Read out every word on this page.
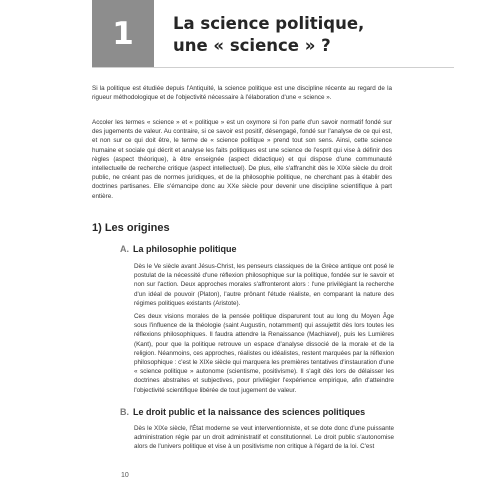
1 La science politique,
une « science » ?

Si la politique est étudiée depuis l'Antiquité, la science politique est une discipline récente au regard de la rigueur méthodologique et de l'objectivité nécessaire à l'élaboration d'une « science ».

Accoler les termes « science » et « politique » est un oxymore si l'on parle d'un savoir normatif fondé sur des jugements de valeur. Au contraire, si ce savoir est positif, désengagé, fondé sur l'analyse de ce qui est, et non sur ce qui doit être, le terme de « science politique » prend tout son sens. Ainsi, cette science humaine et sociale qui décrit et analyse les faits politiques est une science de l'esprit qui vise à définir des règles (aspect théorique), à être enseignée (aspect didactique) et qui dispose d'une communauté intellectuelle de recherche critique (aspect intellectuel). De plus, elle s'affranchit dès le XIXe siècle du droit public, ne créant pas de normes juridiques, et de la philosophie politique, ne cherchant pas à établir des doctrines partisanes. Elle s'émancipe donc au XXe siècle pour devenir une discipline scientifique à part entière.

1) Les origines
A. La philosophie politique

Dès le Ve siècle avant Jésus-Christ, les penseurs classiques de la Grèce antique ont posé le postulat de la nécessité d'une réflexion philosophique sur la politique, fondée sur le savoir et non sur l'action. Deux approches morales s'affronteront alors : l'une privilégiant la recherche d'un idéal de pouvoir (Platon), l'autre prônant l'étude réaliste, en comparant la nature des régimes politiques existants (Aristote).

Ces deux visions morales de la pensée politique disparurent tout au long du Moyen Âge sous l'influence de la théologie (saint Augustin, notamment) qui assujettit dès lors toutes les réflexions philosophiques. Il faudra attendre la Renaissance (Machiavel), puis les Lumières (Kant), pour que la politique retrouve un espace d'analyse dissocié de la morale et de la religion. Néanmoins, ces approches, réalistes ou idéalistes, restent marquées par la réflexion philosophique : c'est le XIXe siècle qui marquera les premières tentatives d'instauration d'une « science politique » autonome (scientisme, positivisme). Il s'agit dès lors de délaisser les doctrines abstraites et subjectives, pour privilégier l'expérience empirique, afin d'atteindre l'objectivité scientifique libérée de tout jugement de valeur.

B. Le droit public et la naissance des sciences politiques

Dès le XIXe siècle, l'État moderne se veut interventionniste, et se dote donc d'une puissante administration régie par un droit administratif et constitutionnel. Le droit public s'autonomise alors de l'univers politique et vise à un positivisme non critique à l'égard de la loi. C'est

10
